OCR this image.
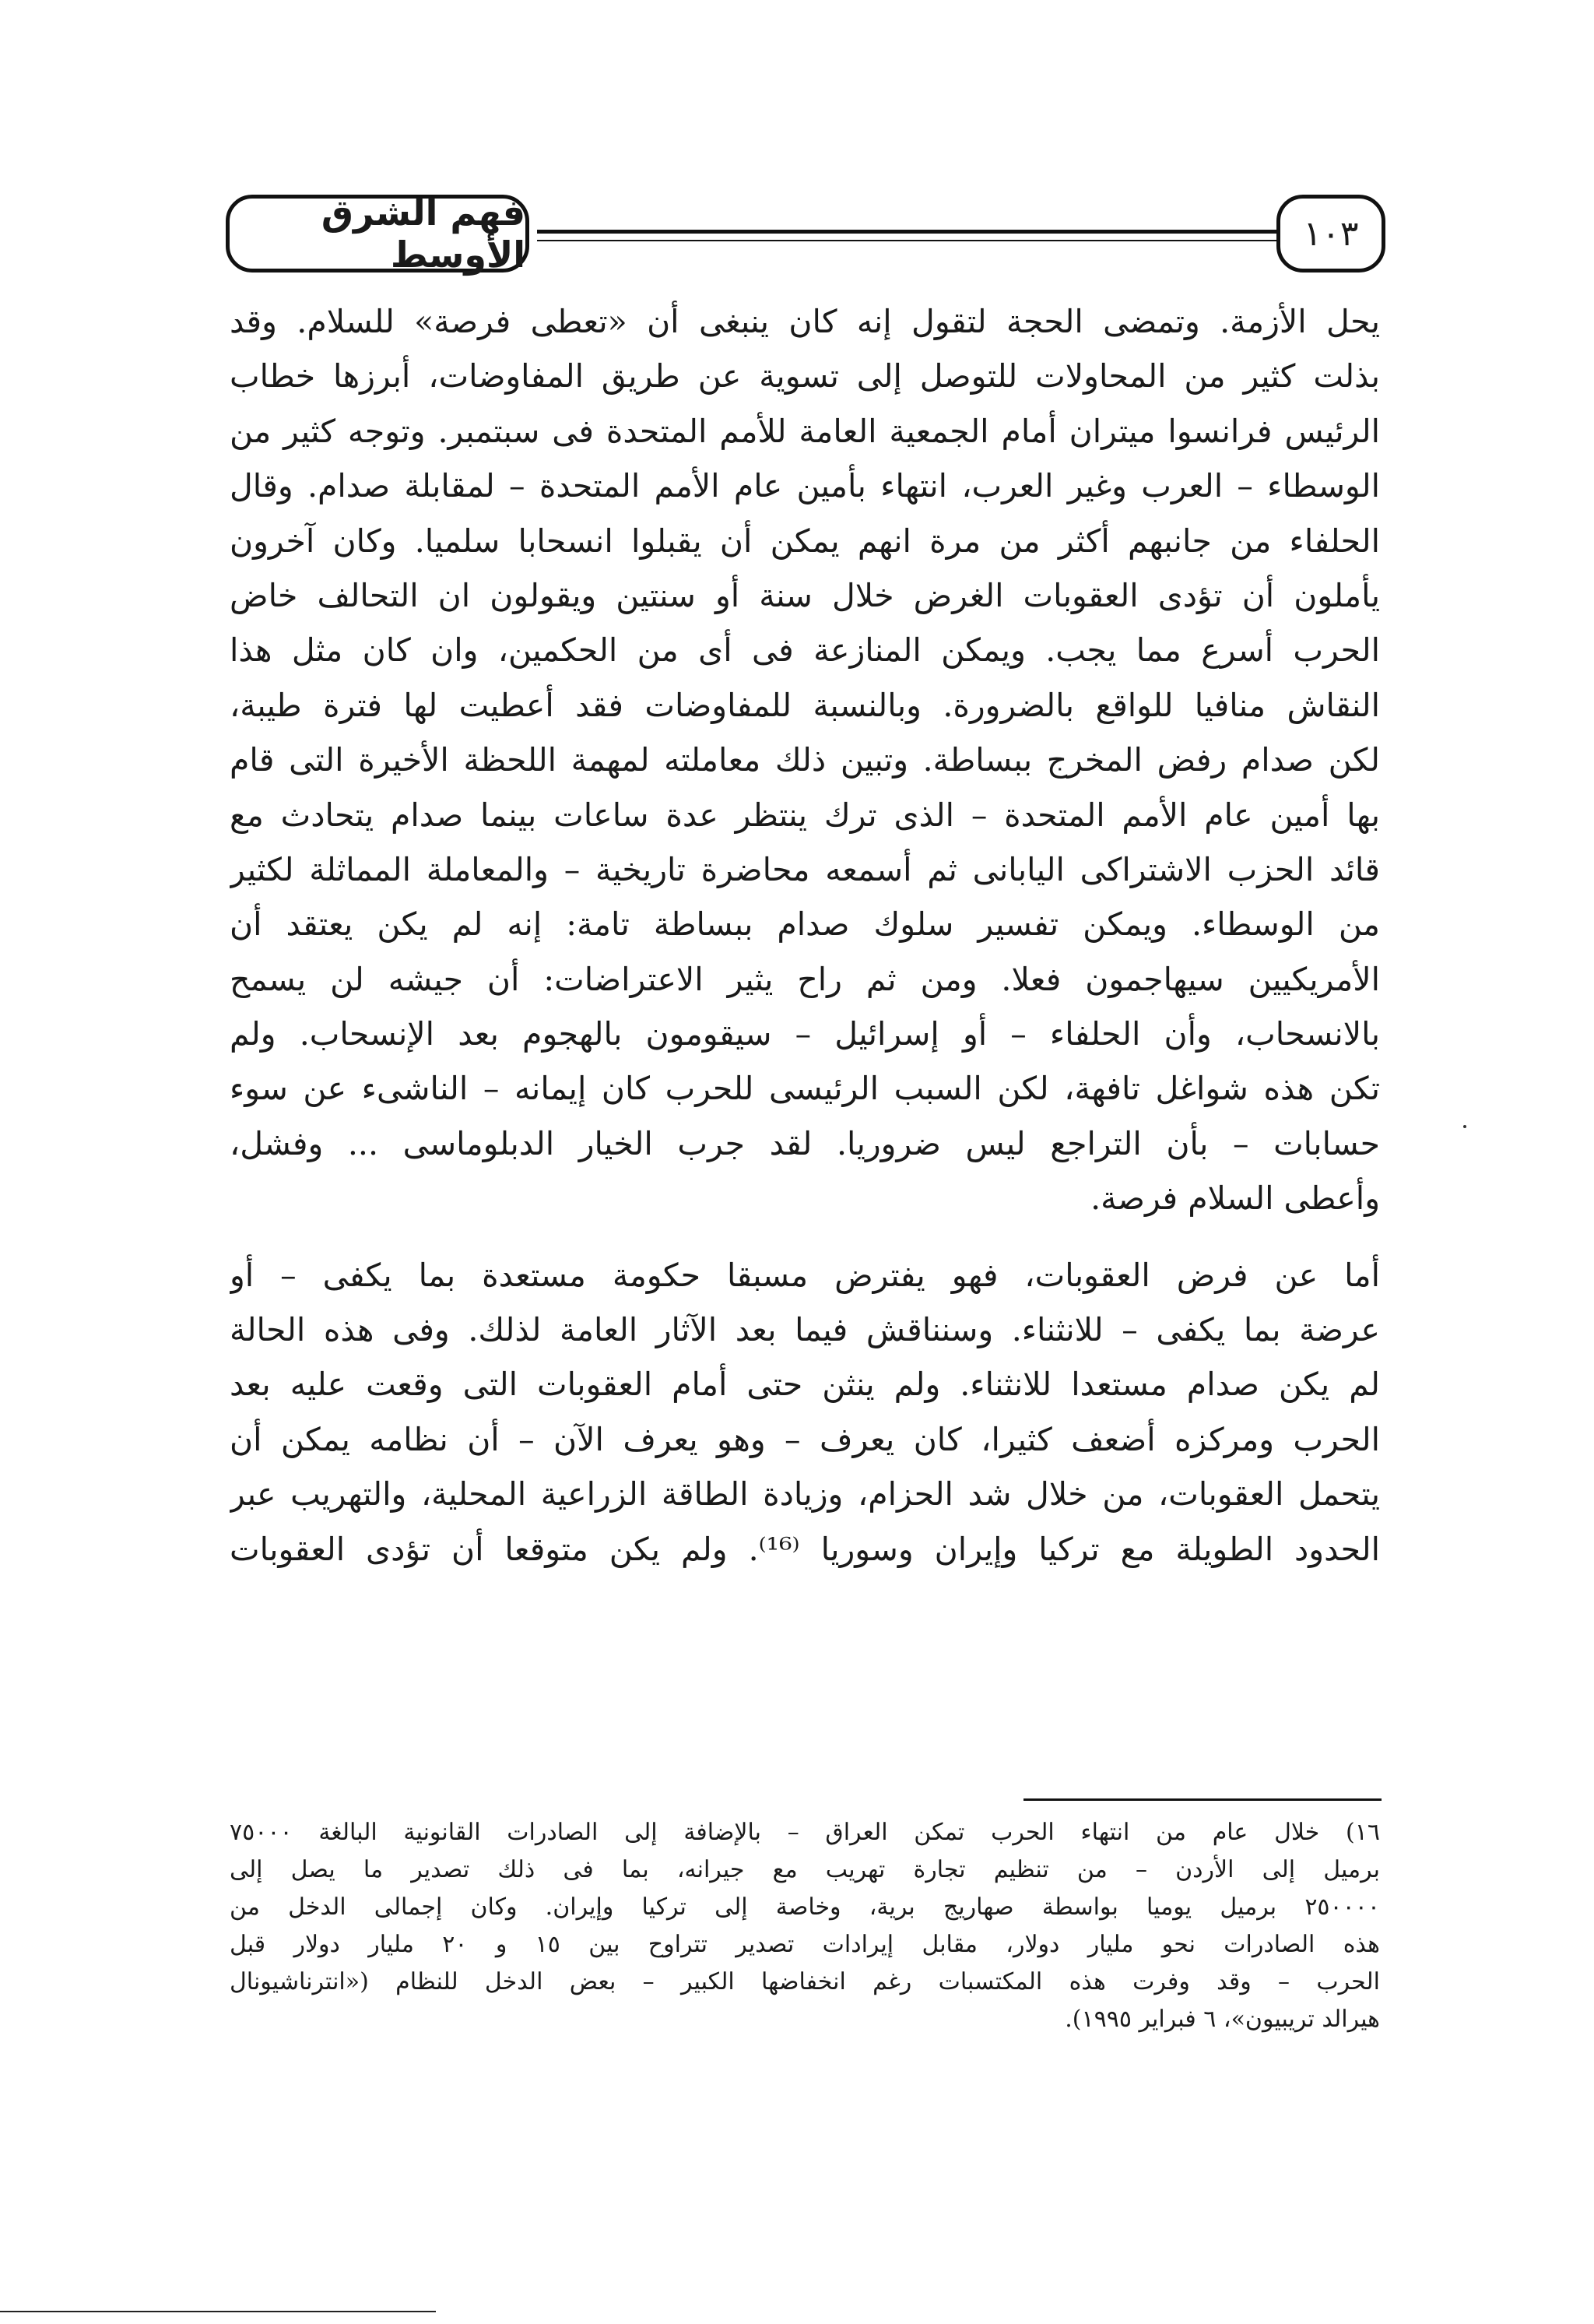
فهم الشرق الأوسط	١٠٣
يحل الأزمة. وتمضى الحجة لتقول إنه كان ينبغى أن «تعطى فرصة» للسلام. وقد
بذلت كثير من المحاولات للتوصل إلى تسوية عن طريق المفاوضات، أبرزها خطاب
الرئيس فرانسوا ميتران أمام الجمعية العامة للأمم المتحدة فى سبتمبر. وتوجه كثير من
الوسطاء – العرب وغير العرب، انتهاء بأمين عام الأمم المتحدة – لمقابلة صدام. وقال
الحلفاء من جانبهم أكثر من مرة انهم يمكن أن يقبلوا انسحابا سلميا. وكان آخرون
يأملون أن تؤدى العقوبات الغرض خلال سنة أو سنتين ويقولون ان التحالف خاض
الحرب أسرع مما يجب. ويمكن المنازعة فى أى من الحكمين، وان كان مثل هذا
النقاش منافيا للواقع بالضرورة. وبالنسبة للمفاوضات فقد أعطيت لها فترة طيبة،
لكن صدام رفض المخرج ببساطة. وتبين ذلك معاملته لمهمة اللحظة الأخيرة التى قام
بها أمين عام الأمم المتحدة – الذى ترك ينتظر عدة ساعات بينما صدام يتحادث مع
قائد الحزب الاشتراكى اليابانى ثم أسمعه محاضرة تاريخية – والمعاملة المماثلة لكثير
من الوسطاء. ويمكن تفسير سلوك صدام ببساطة تامة: إنه لم يكن يعتقد أن
الأمريكيين سيهاجمون فعلا. ومن ثم راح يثير الاعتراضات: أن جيشه لن يسمح
بالانسحاب، وأن الحلفاء – أو إسرائيل – سيقومون بالهجوم بعد الإنسحاب. ولم
تكن هذه شواغل تافهة، لكن السبب الرئيسى للحرب كان إيمانه – الناشىء عن سوء
حسابات – بأن التراجع ليس ضروريا. لقد جرب الخيار الدبلوماسى ... وفشل،
وأعطى السلام فرصة.
أما عن فرض العقوبات، فهو يفترض مسبقا حكومة مستعدة بما يكفى – أو
عرضة بما يكفى – للانثناء. وسنناقش فيما بعد الآثار العامة لذلك. وفى هذه الحالة
لم يكن صدام مستعدا للانثناء. ولم ينثن حتى أمام العقوبات التى وقعت عليه بعد
الحرب ومركزه أضعف كثيرا، كان يعرف – وهو يعرف الآن – أن نظامه يمكن أن
يتحمل العقوبات، من خلال شد الحزام، وزيادة الطاقة الزراعية المحلية، والتهريب عبر
الحدود الطويلة مع تركيا وإيران وسوريا ⁽¹⁶⁾. ولم يكن متوقعا أن تؤدى العقوبات
١٦) خلال عام من انتهاء الحرب تمكن العراق – بالإضافة إلى الصادرات القانونية البالغة ٧٥٠٠٠
برميل إلى الأردن – من تنظيم تجارة تهريب مع جيرانه، بما فى ذلك تصدير ما يصل إلى
٢٥٠٠٠٠ برميل يوميا بواسطة صهاريج برية، وخاصة إلى تركيا وإيران. وكان إجمالى الدخل من
هذه الصادرات نحو مليار دولار، مقابل إيرادات تصدير تتراوح بين ١٥ و ٢٠ مليار دولار قبل
الحرب – وقد وفرت هذه المكتسبات رغم انخفاضها الكبير – بعض الدخل للنظام («انترناشيونال
هيرالد تريبيون»، ٦ فبراير ١٩٩٥).
